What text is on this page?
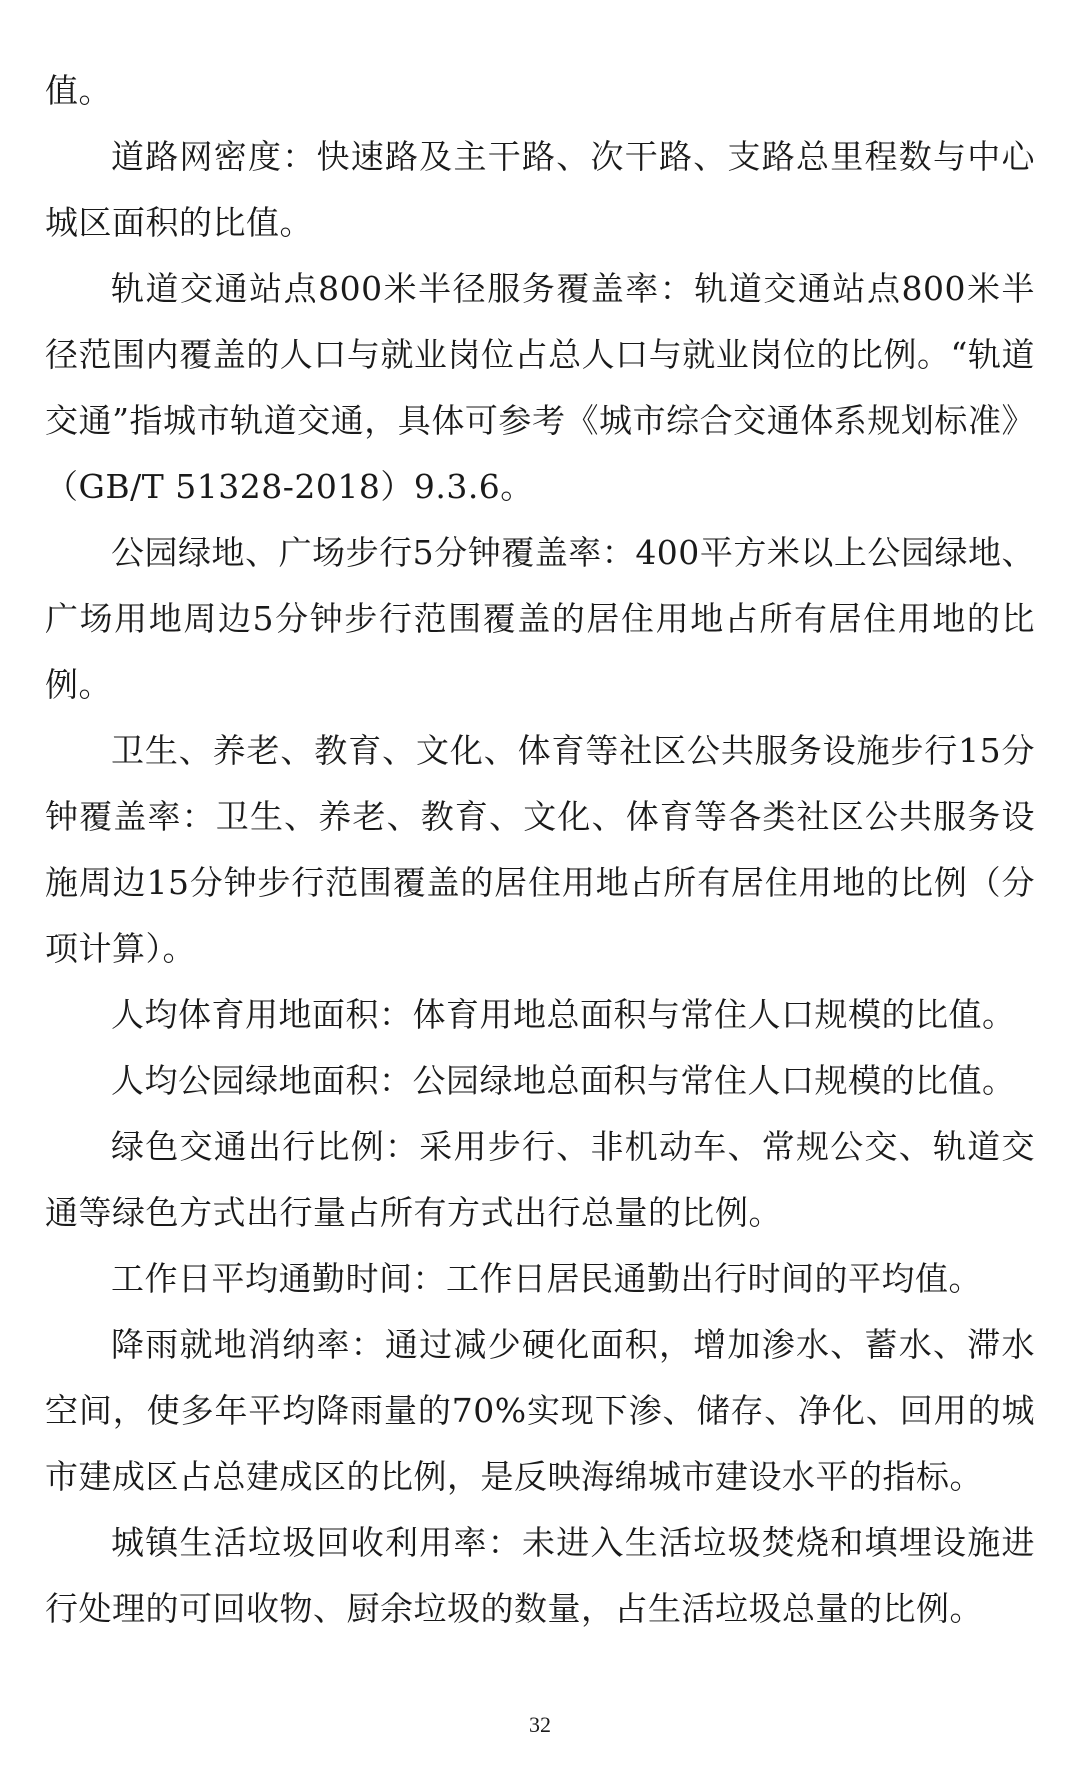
值。

道路网密度：快速路及主干路、次干路、支路总里程数与中心城区面积的比值。

轨道交通站点800米半径服务覆盖率：轨道交通站点800米半径范围内覆盖的人口与就业岗位占总人口与就业岗位的比例。“轨道交通”指城市轨道交通，具体可参考《城市综合交通体系规划标准》（GB/T 51328-2018）9.3.6。

公园绿地、广场步行5分钟覆盖率：400平方米以上公园绿地、广场用地周边5分钟步行范围覆盖的居住用地占所有居住用地的比例。

卫生、养老、教育、文化、体育等社区公共服务设施步行15分钟覆盖率：卫生、养老、教育、文化、体育等各类社区公共服务设施周边15分钟步行范围覆盖的居住用地占所有居住用地的比例（分项计算）。

人均体育用地面积：体育用地总面积与常住人口规模的比值。

人均公园绿地面积：公园绿地总面积与常住人口规模的比值。

绿色交通出行比例：采用步行、非机动车、常规公交、轨道交通等绿色方式出行量占所有方式出行总量的比例。

工作日平均通勤时间：工作日居民通勤出行时间的平均值。

降雨就地消纳率：通过减少硬化面积，增加渗水、蓄水、滞水空间，使多年平均降雨量的70%实现下渗、储存、净化、回用的城市建成区占总建成区的比例，是反映海绵城市建设水平的指标。

城镇生活垃圾回收利用率：未进入生活垃圾焚烧和填埋设施进行处理的可回收物、厨余垃圾的数量，占生活垃圾总量的比例。

32
